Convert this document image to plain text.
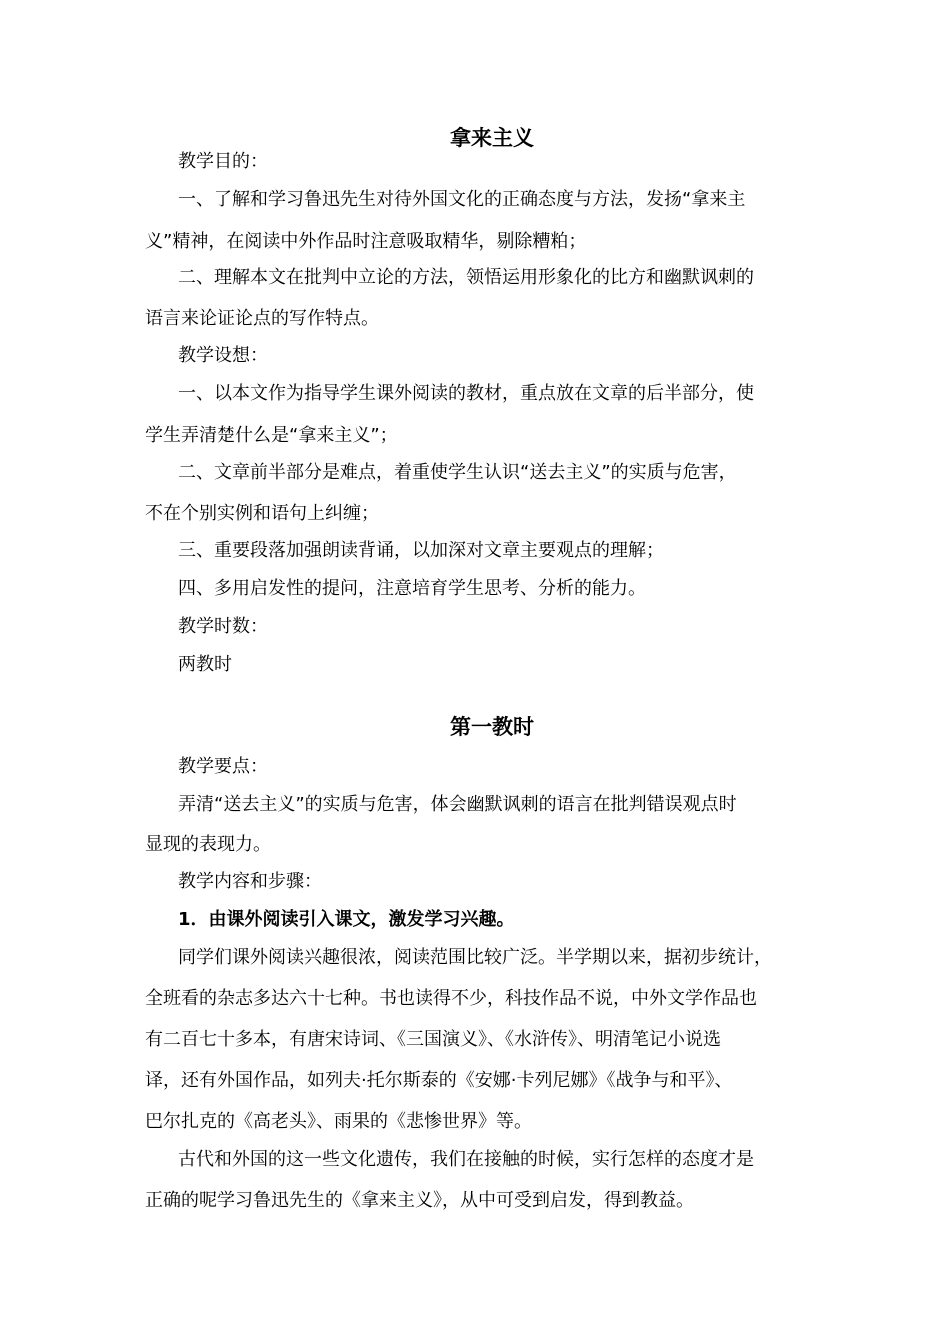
拿来主义
教学目的：
一、了解和学习鲁迅先生对待外国文化的正确态度与方法，发扬“拿来主
义”精神，在阅读中外作品时注意吸取精华，剔除糟粕；
二、理解本文在批判中立论的方法，领悟运用形象化的比方和幽默讽刺的
语言来论证论点的写作特点。
教学设想：
一、以本文作为指导学生课外阅读的教材，重点放在文章的后半部分，使
学生弄清楚什么是“拿来主义”；
二、文章前半部分是难点，着重使学生认识“送去主义”的实质与危害，
不在个别实例和语句上纠缠；
三、重要段落加强朗读背诵，以加深对文章主要观点的理解；
四、多用启发性的提问，注意培育学生思考、分析的能力。
教学时数：
两教时
第一教时
教学要点：
弄清“送去主义”的实质与危害，体会幽默讽刺的语言在批判错误观点时
显现的表现力。
教学内容和步骤：
1．由课外阅读引入课文，激发学习兴趣。
同学们课外阅读兴趣很浓，阅读范围比较广泛。半学期以来，据初步统计，
全班看的杂志多达六十七种。书也读得不少，科技作品不说，中外文学作品也
有二百七十多本，有唐宋诗词、《三国演义》、《水浒传》、明清笔记小说选
译，还有外国作品，如列夫·托尔斯泰的《安娜·卡列尼娜》《战争与和平》、
巴尔扎克的《高老头》、雨果的《悲惨世界》等。
古代和外国的这一些文化遗传，我们在接触的时候，实行怎样的态度才是
正确的呢学习鲁迅先生的《拿来主义》，从中可受到启发，得到教益。
